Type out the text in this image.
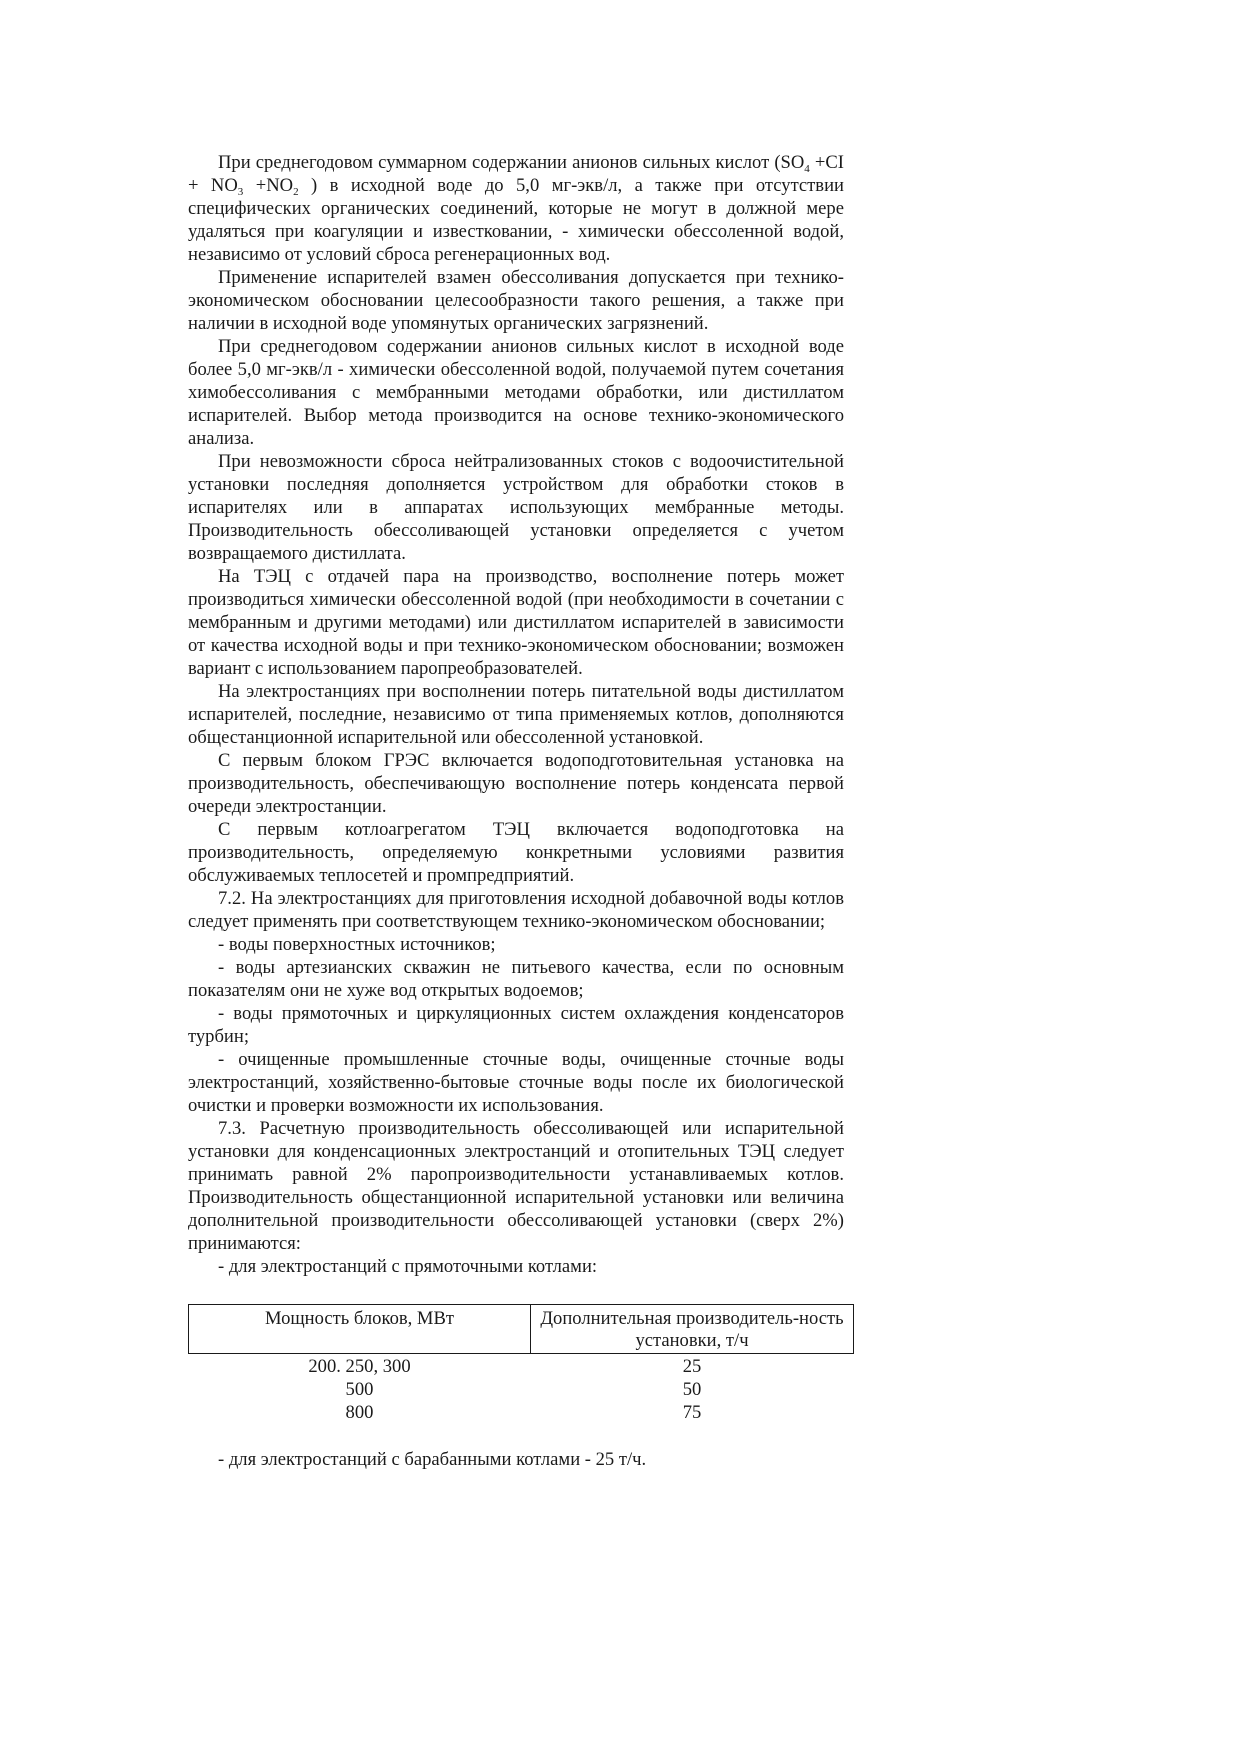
При среднегодовом суммарном содержании анионов сильных кислот ($SO_4 +CI + NO_3 +NO_2$ ) в исходной воде до 5,0 мг-экв/л, а также при отсутствии специфических органических соединений, которые не могут в должной мере удаляться при коагуляции и известковании, - химически обессоленной водой, независимо от условий сброса регенерационных вод.

Применение испарителей взамен обессоливания допускается при технико-экономическом обосновании целесообразности такого решения, а также при наличии в исходной воде упомянутых органических загрязнений.

При среднегодовом содержании анионов сильных кислот в исходной воде более 5,0 мг-экв/л - химически обессоленной водой, получаемой путем сочетания химобессоливания с мембранными методами обработки, или дистиллатом испарителей. Выбор метода производится на основе технико-экономического анализа.

При невозможности сброса нейтрализованных стоков с водоочистительной установки последняя дополняется устройством для обработки стоков в испарителях или в аппаратах использующих мембранные методы. Производительность обессоливающей установки определяется с учетом возвращаемого дистиллата.

На ТЭЦ с отдачей пара на производство, восполнение потерь может производиться химически обессоленной водой (при необходимости в сочетании с мембранным и другими методами) или дистиллатом испарителей в зависимости от качества исходной воды и при технико-экономическом обосновании; возможен вариант с использованием паропреобразователей.

На электростанциях при восполнении потерь питательной воды дистиллатом испарителей, последние, независимо от типа применяемых котлов, дополняются общестанционной испарительной или обессоленной установкой.

С первым блоком ГРЭС включается водоподготовительная установка на производительность, обеспечивающую восполнение потерь конденсата первой очереди электростанции.

С первым котлоагрегатом ТЭЦ включается водоподготовка на производительность, определяемую конкретными условиями развития обслуживаемых теплосетей и промпредприятий.

7.2. На электростанциях для приготовления исходной добавочной воды котлов следует применять при соответствующем технико-экономическом обосновании;

- воды поверхностных источников;

- воды артезианских скважин не питьевого качества, если по основным показателям они не хуже вод открытых водоемов;

- воды прямоточных и циркуляционных систем охлаждения конденсаторов турбин;

- очищенные промышленные сточные воды, очищенные сточные воды электростанций, хозяйственно-бытовые сточные воды после их биологической очистки и проверки возможности их использования.

7.3. Расчетную производительность обессоливающей или испарительной установки для конденсационных электростанций и отопительных ТЭЦ следует принимать равной 2% паропроизводительности устанавливаемых котлов. Производительность общестанционной испарительной установки или величина дополнительной производительности обессоливающей установки (сверх 2%) принимаются:

- для электростанций с прямоточными котлами:

Мощность блоков, МВт	Дополнительная производитель-ность установки, т/ч
200. 250, 300	25
500	50
800	75

- для электростанций с барабанными котлами - 25 т/ч.
